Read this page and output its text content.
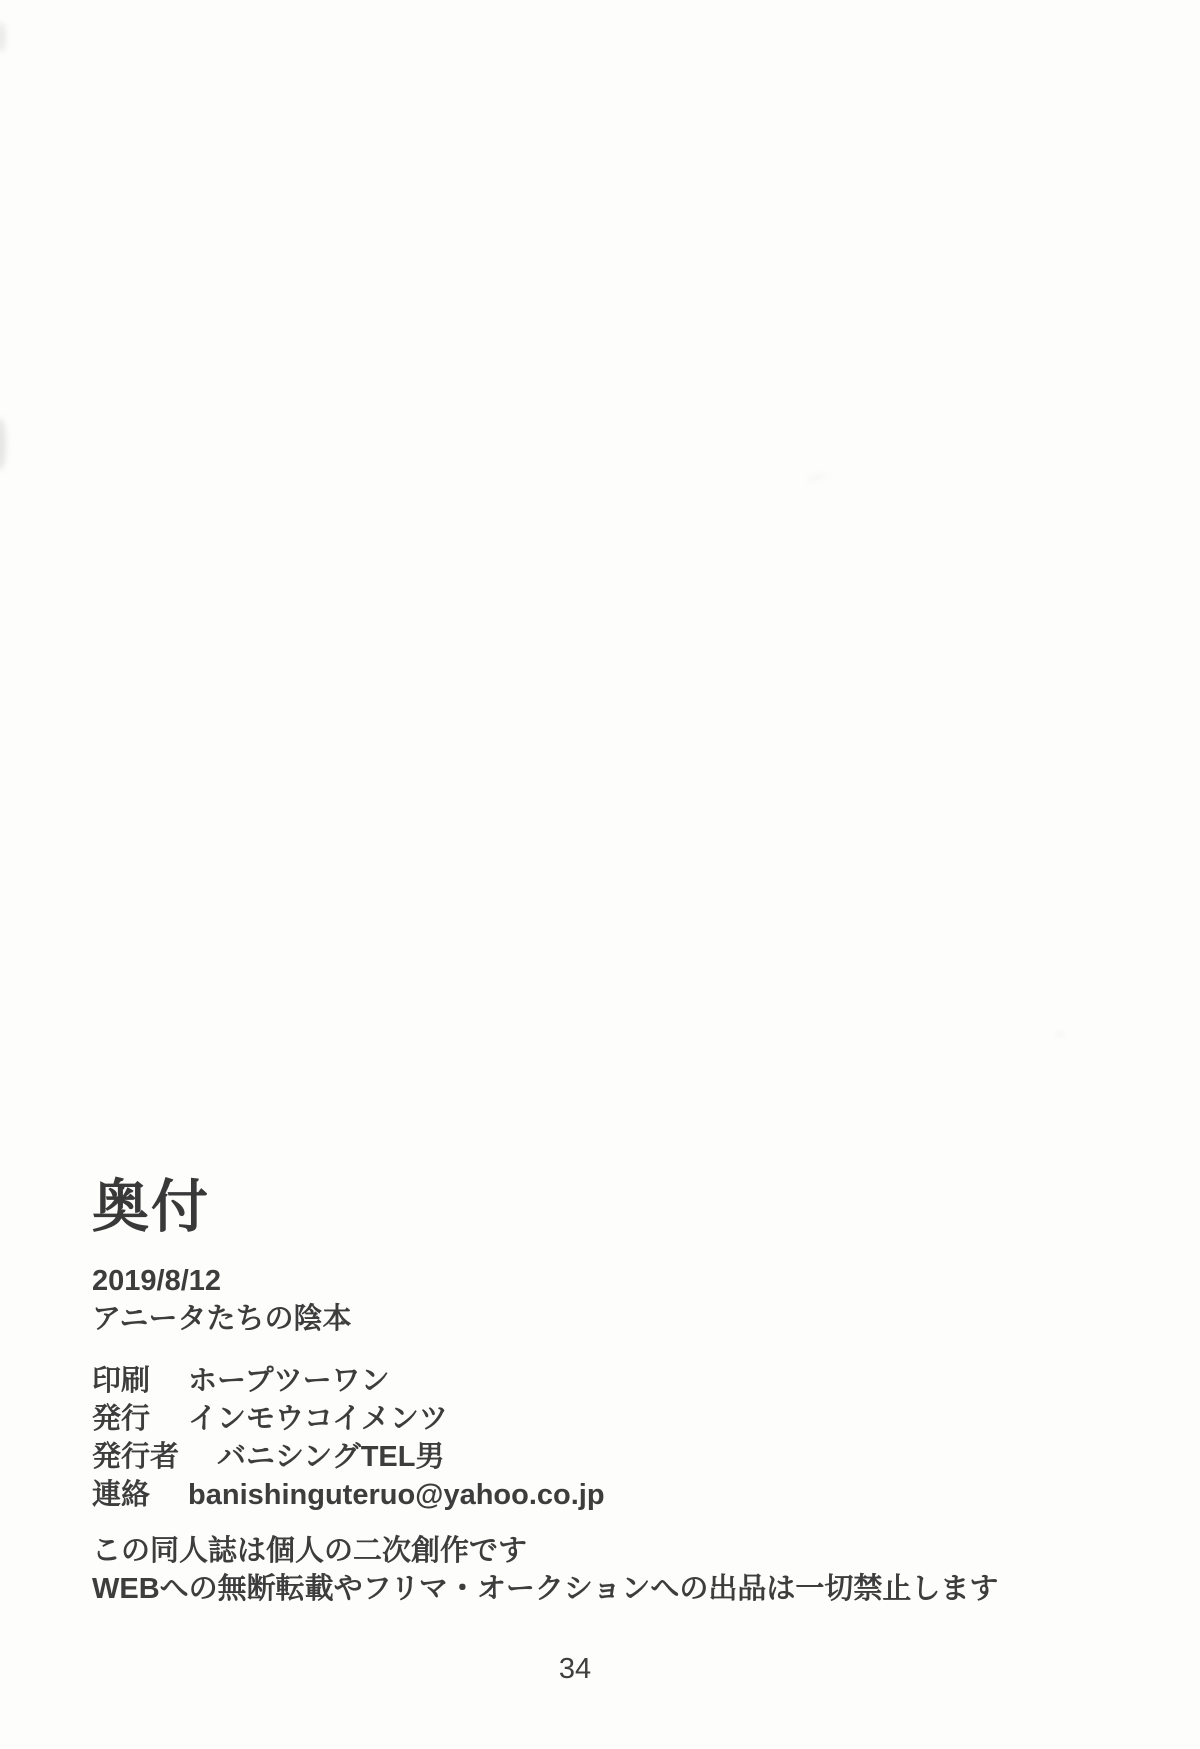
奥付
2019/8/12
アニータたちの陰本
印刷 ホープツーワン
発行 インモウコイメンツ
発行者 バニシングTEL男
連絡 banishinguteruo@yahoo.co.jp
この同人誌は個人の二次創作です
WEBへの無断転載やフリマ・オークションへの出品は一切禁止します
34
